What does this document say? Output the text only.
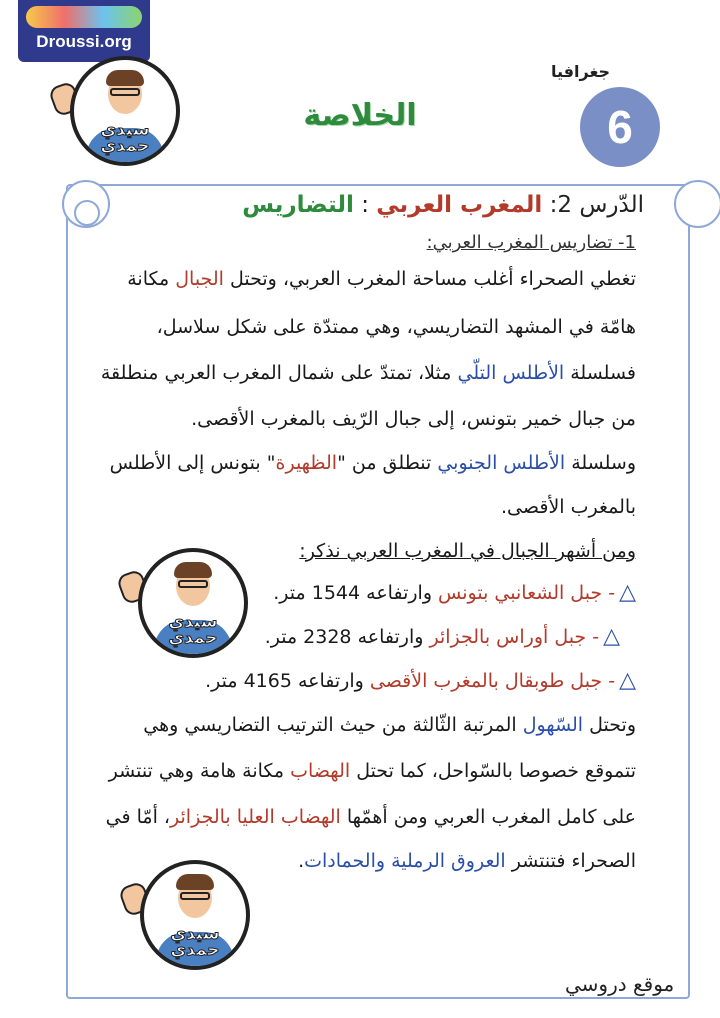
Droussi.org
جغرافيا
الخلاصة	6
سيدي حمدي
الدّرس 2: المغرب العربي : التضاريس
1- تضاريس المغرب العربي:
تغطي الصحراء أغلب مساحة المغرب العربي، وتحتل الجبال مكانة
هامّة في المشهد التضاريسي، وهي ممتدّة على شكل سلاسل،
فسلسلة الأطلس التلّي مثلا، تمتدّ على شمال المغرب العربي منطلقة
من جبال خمير بتونس، إلى جبال الرّيف بالمغرب الأقصى.
وسلسلة الأطلس الجنوبي تنطلق من "الظهيرة" بتونس إلى الأطلس
بالمغرب الأقصى.
ومن أشهر الجبال في المغرب العربي نذكر:
سيدي حمدي
△- جبل الشعانبي بتونس وارتفاعه 1544 متر.
△- جبل أوراس بالجزائر وارتفاعه 2328 متر.
△- جبل طوبقال بالمغرب الأقصى وارتفاعه 4165 متر.
وتحتل السّهول المرتبة الثّالثة من حيث الترتيب التضاريسي وهي
تتموقع خصوصا بالسّواحل، كما تحتل الهضاب مكانة هامة وهي تنتشر
على كامل المغرب العربي ومن أهمّها الهضاب العليا بالجزائر، أمّا في
الصحراء فتنتشر العروق الرملية والحمادات.
سيدي حمدي
موقع دروسي
